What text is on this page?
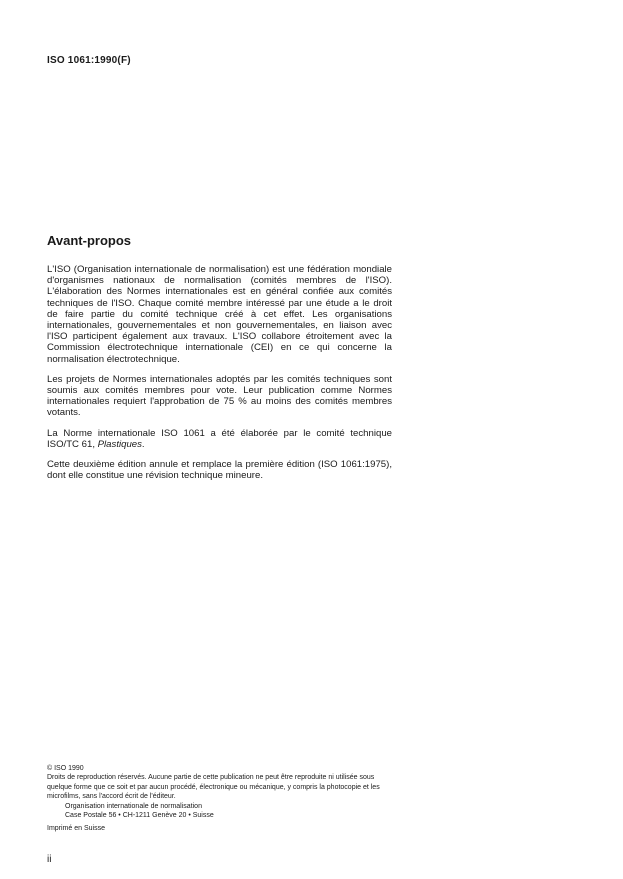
ISO 1061:1990(F)
Avant-propos

L'ISO (Organisation internationale de normalisation) est une fédération mondiale d'organismes nationaux de normalisation (comités membres de l'ISO). L'élaboration des Normes internationales est en général confiée aux comités techniques de l'ISO. Chaque comité membre intéressé par une étude a le droit de faire partie du comité technique créé à cet effet. Les organisations internationales, gouvernementales et non gouvernementales, en liaison avec l'ISO participent également aux travaux. L'ISO collabore étroitement avec la Commission électrotechnique internationale (CEI) en ce qui concerne la normalisation électrotechnique.

Les projets de Normes internationales adoptés par les comités techniques sont soumis aux comités membres pour vote. Leur publication comme Normes internationales requiert l'approbation de 75 % au moins des comités membres votants.

La Norme internationale ISO 1061 a été élaborée par le comité technique ISO/TC 61, Plastiques.

Cette deuxième édition annule et remplace la première édition (ISO 1061:1975), dont elle constitue une révision technique mineure.

© ISO 1990
Droits de reproduction réservés. Aucune partie de cette publication ne peut être reproduite ni utilisée sous quelque forme que ce soit et par aucun procédé, électronique ou mécanique, y compris la photocopie et les microfilms, sans l'accord écrit de l'éditeur.
Organisation internationale de normalisation
Case Postale 56 • CH-1211 Genève 20 • Suisse
Imprimé en Suisse
ii
